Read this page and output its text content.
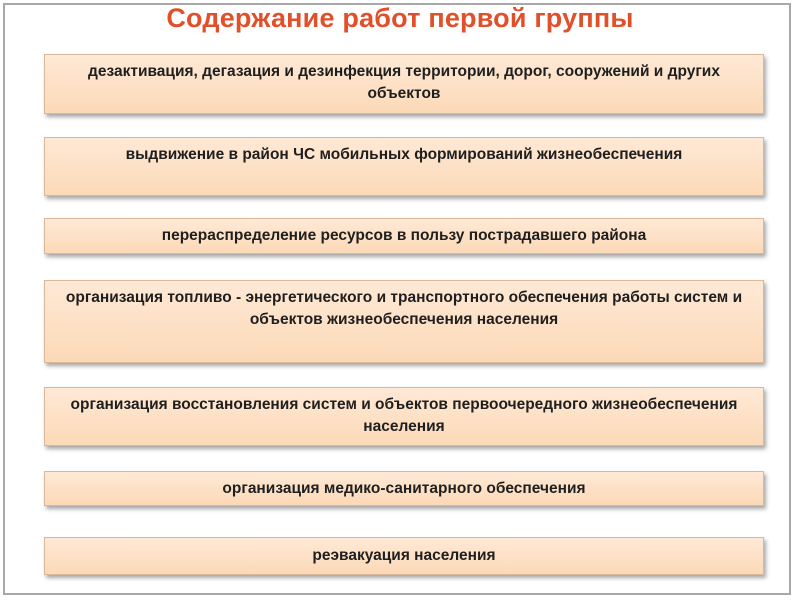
Содержание работ первой группы
дезактивация, дегазация и дезинфекция территории, дорог, сооружений и других объектов
выдвижение в район ЧС мобильных формирований жизнеобеспечения
перераспределение ресурсов в пользу пострадавшего района
организация топливо - энергетического и транспортного обеспечения работы систем и объектов жизнеобеспечения населения
организация восстановления систем и объектов первоочередного жизнеобеспечения населения
организация медико-санитарного обеспечения
реэвакуация населения
